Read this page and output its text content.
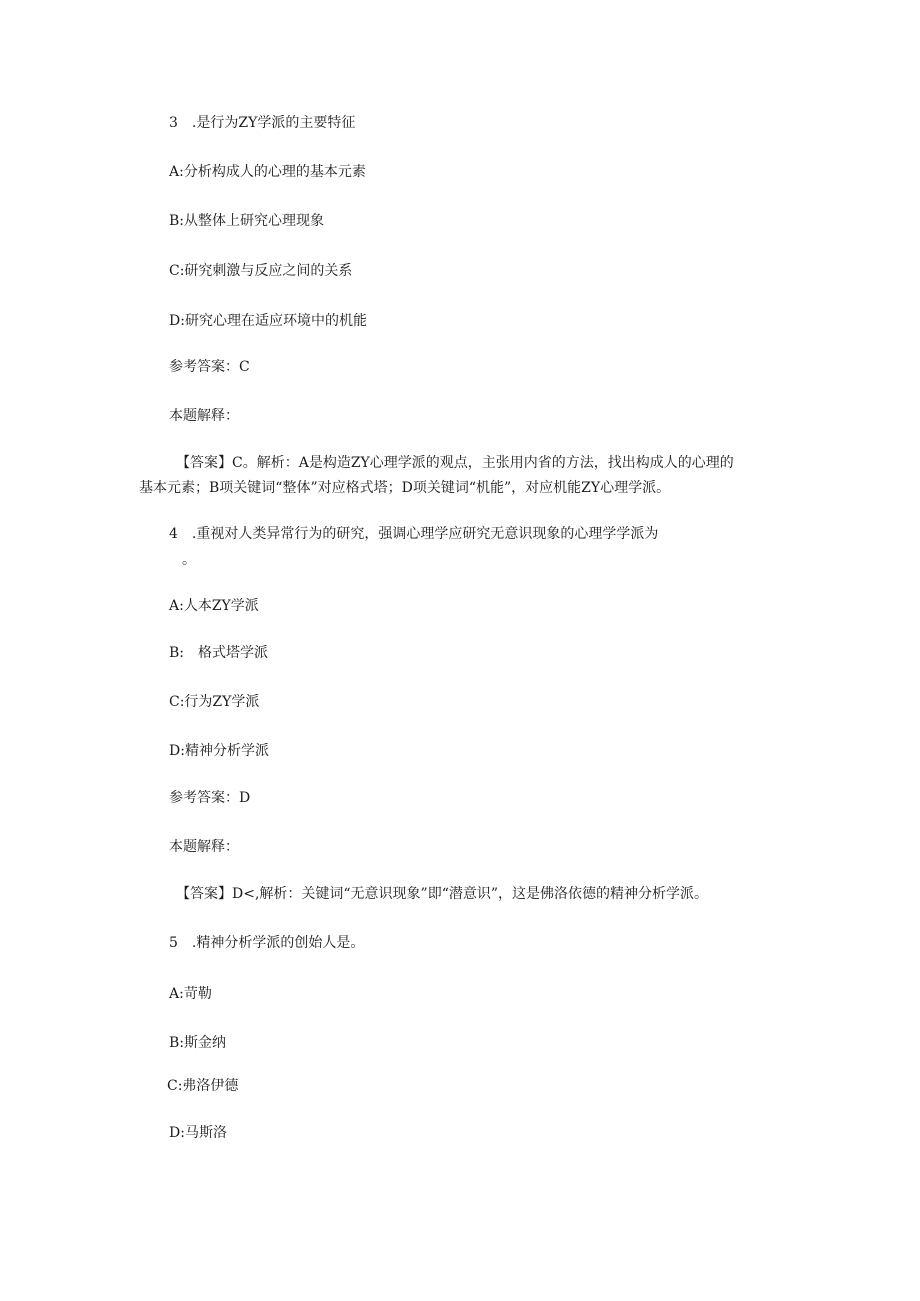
3　.是行为ZY学派的主要特征
A:分析构成人的心理的基本元素
B:从整体上研究心理现象
C:研究刺激与反应之间的关系
D:研究心理在适应环境中的机能
参考答案：C
本题解释：
【答案】C。解析：A是构造ZY心理学派的观点，主张用内省的方法，找出构成人的心理的
基本元素；B项关键词“整体”对应格式塔；D项关键词“机能”，对应机能ZY心理学派。
4　.重视对人类异常行为的研究，强调心理学应研究无意识现象的心理学学派为
。
A:人本ZY学派
B:　格式塔学派
C:行为ZY学派
D:精神分析学派
参考答案：D
本题解释：
【答案】D<,解析：关键词“无意识现象”即“潜意识”，这是佛洛依德的精神分析学派。
5　.精神分析学派的创始人是。
A:苛勒
B:斯金纳
C:弗洛伊德
D:马斯洛
